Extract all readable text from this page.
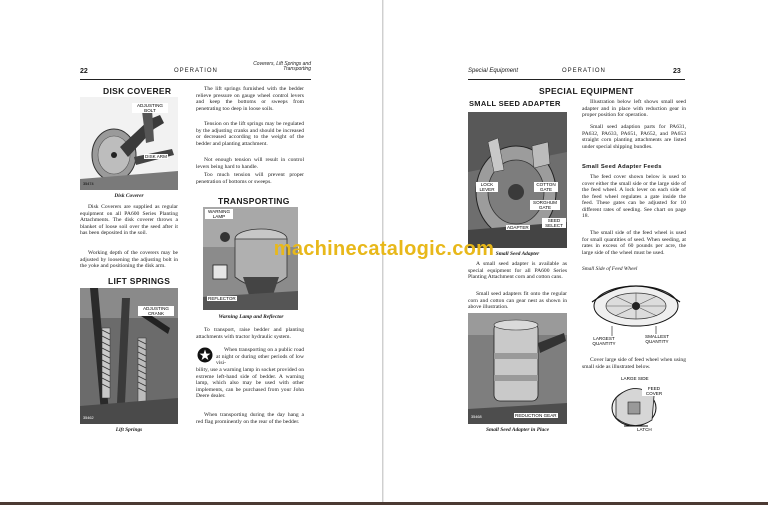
22	OPERATION
Coverers, Lift Springs and Transporting
DISK COVERER
ADJUSTING BOLT
DISK ARM
35474
Disk Coverer
Disk Coverers are supplied as regular equipment on all PA600 Series Planting Attachments. The disk coverer throws a blanket of loose soil over the seed after it has been deposited in the soil.
Working depth of the coverers may be adjusted by loosening the adjusting bolt in the yoke and positioning the disk arm.
LIFT SPRINGS
ADJUSTING CRANK
35462
Lift Springs
The lift springs furnished with the bedder relieve pressure on gauge wheel control levers and keep the bottoms or sweeps from penetrating too deep in loose soils.
Tension on the lift springs may be regulated by the adjusting cranks and should be increased or decreased according to the weight of the bedder and planting attachment.
Not enough tension will result in control levers being hard to handle.
Too much tension will prevent proper penetration of bottoms or sweeps.
TRANSPORTING
WARNING LAMP
REFLECTOR
Warning Lamp and Reflector
To transport, raise bedder and planting attachments with tractor hydraulic system.
When transporting on a public road at night or during other periods of low visi-
bility, use a warning lamp in socket provided on extreme left-hand side of bedder. A warning lamp, which also may be used with other implements, can be purchased from your John Deere dealer.
When transporting during the day hang a red flag prominently on the rear of the bedder.
Special Equipment	OPERATION	23
SPECIAL EQUIPMENT
SMALL SEED ADAPTER
LOCK LEVER
COTTON GATE
SORGHUM GATE
SEED SELECT
ADAPTER
Small Seed Adapter
A small seed adapter is available as special equipment for all PA600 Series Planting Attachment corn and cotton cans.
Small seed adapters fit onto the regular corn and cotton can gear nest as shown in above illustration.
REDUCTION GEAR
35468
Small Seed Adapter in Place
Illustration below left shows small seed adapter and in place with reduction gear in proper position for operation.
Small seed adaption parts for PA631, PA632, PA633, PA651, PA652, and PA653 straight corn planting attachments are listed under special shipping bundles.
Small Seed Adapter Feeds
The feed cover shown below is used to cover either the small side or the large side of the feed wheel. A lock lever on each side of the feed wheel regulates a gate inside the feed. These gates can be adjusted for 10 different rates of seeding. See chart on page 18.
The small side of the feed wheel is used for small quantities of seed. When seeding, at rates in excess of 60 pounds per acre, the large side of the wheel must be used.
Small Side of Feed Wheel
LARGEST QUANTITY
SMALLEST QUANTITY
Cover large side of feed wheel when using small side as illustrated below.
LARGE SIDE
FEED COVER
LATCH
machinecatalogic.com
